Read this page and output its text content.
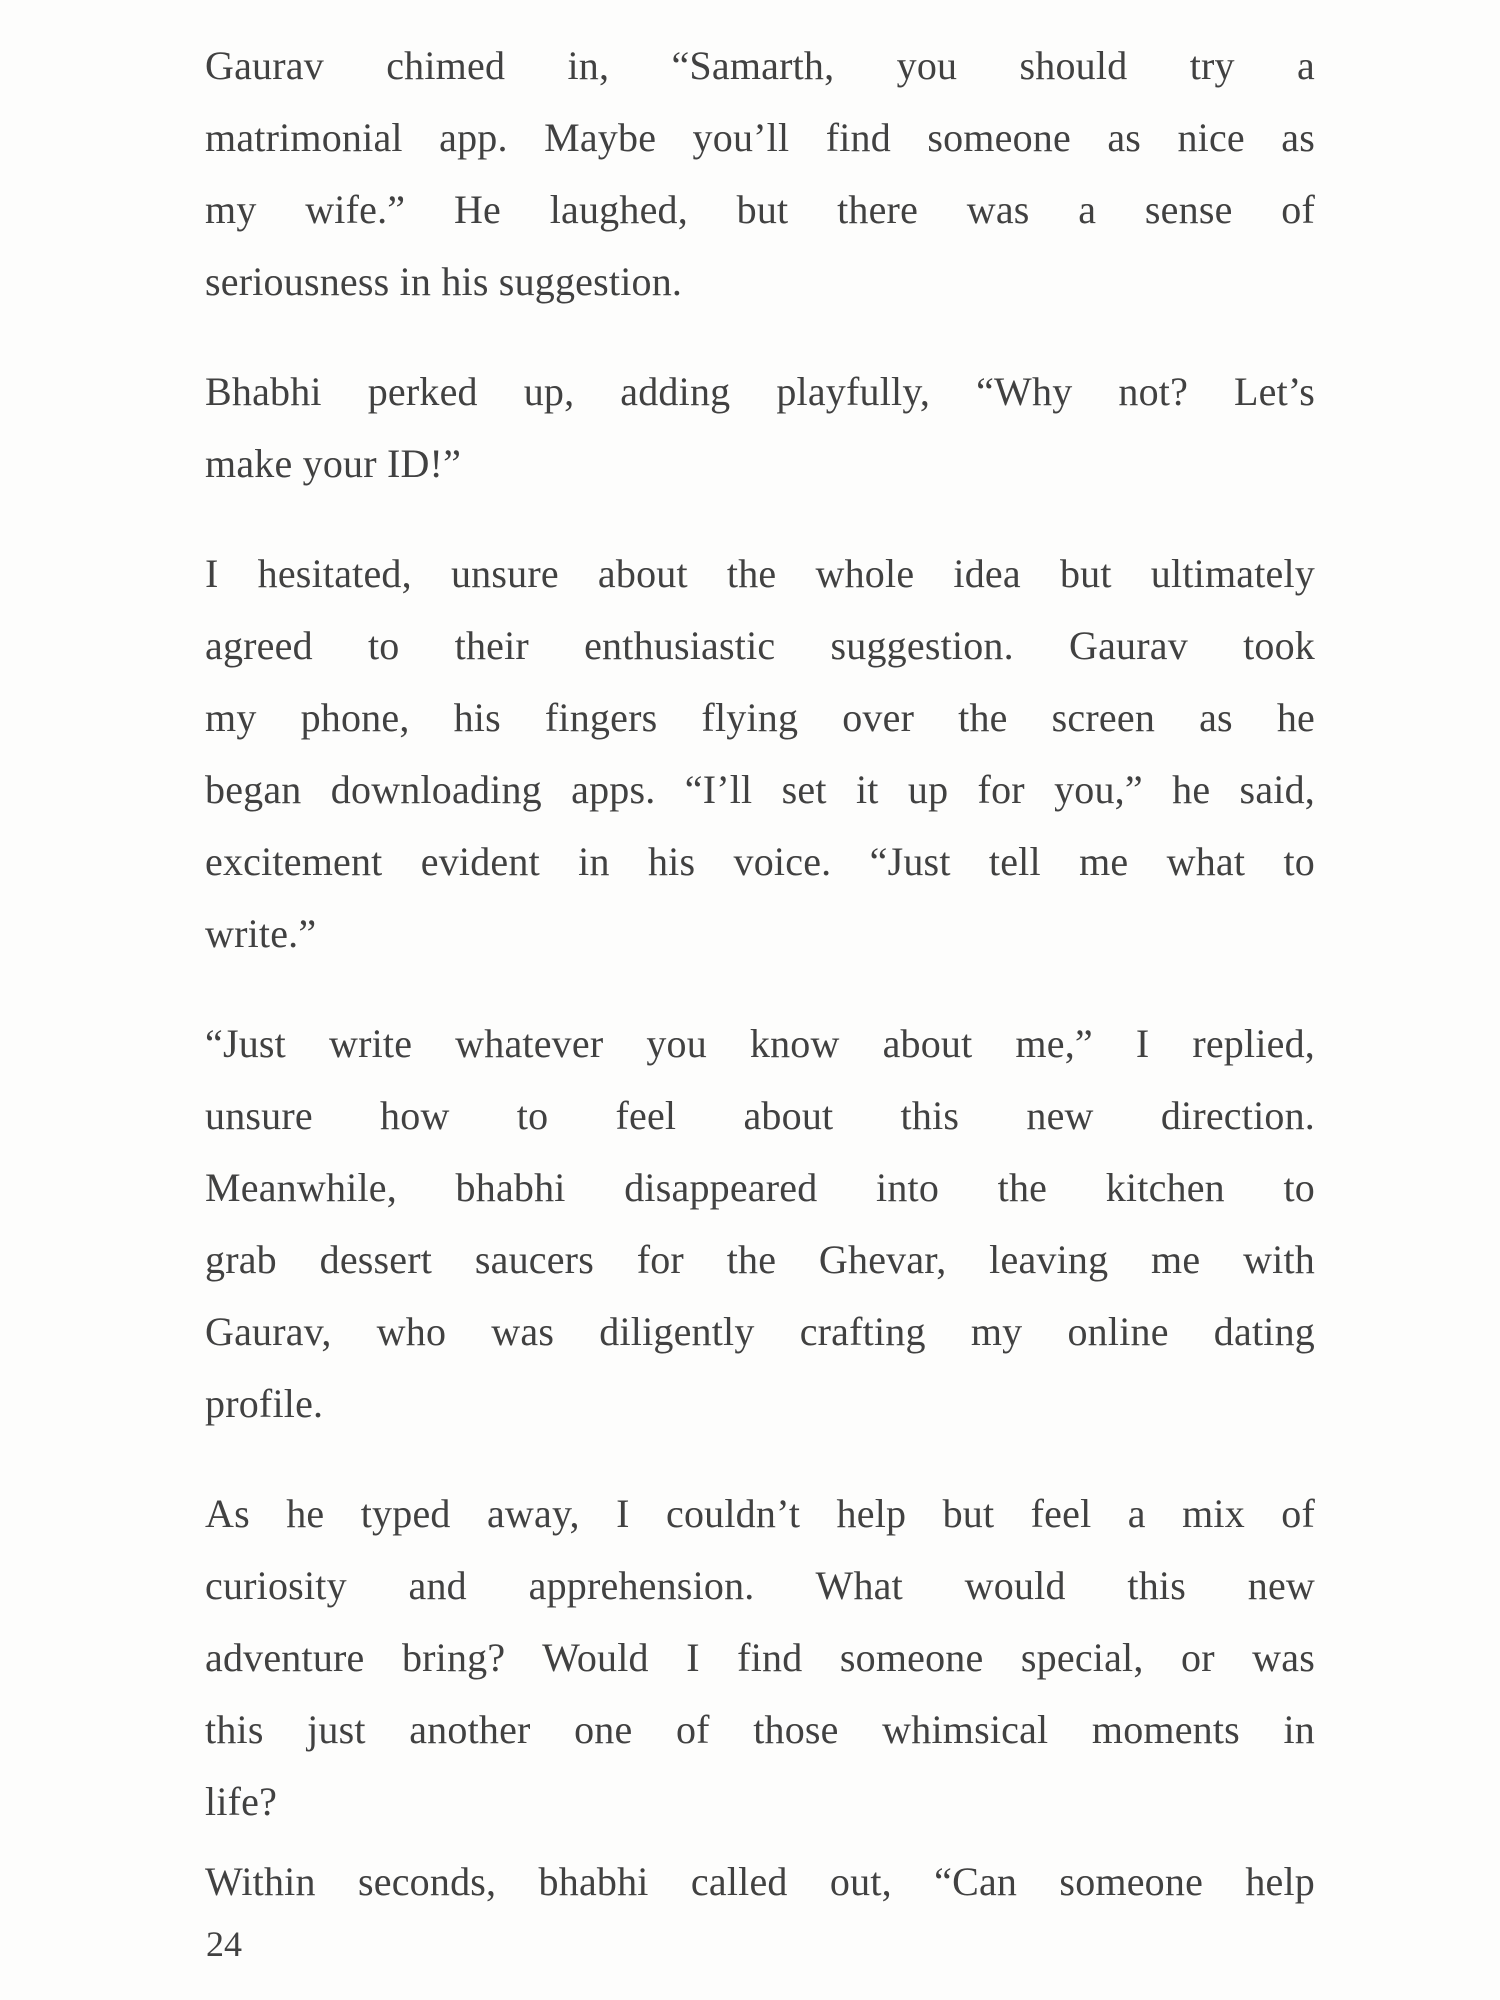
Gaurav chimed in, “Samarth, you should try a
matrimonial app. Maybe you’ll find someone as nice as
my wife.” He laughed, but there was a sense of
seriousness in his suggestion.
Bhabhi perked up, adding playfully, “Why not? Let’s
make your ID!”
I hesitated, unsure about the whole idea but ultimately
agreed to their enthusiastic suggestion. Gaurav took
my phone, his fingers flying over the screen as he
began downloading apps. “I’ll set it up for you,” he said,
excitement evident in his voice. “Just tell me what to
write.”
“Just write whatever you know about me,” I replied,
unsure how to feel about this new direction.
Meanwhile, bhabhi disappeared into the kitchen to
grab dessert saucers for the Ghevar, leaving me with
Gaurav, who was diligently crafting my online dating
profile.
As he typed away, I couldn’t help but feel a mix of
curiosity and apprehension. What would this new
adventure bring? Would I find someone special, or was
this just another one of those whimsical moments in
life?
Within seconds, bhabhi called out, “Can someone help
24
